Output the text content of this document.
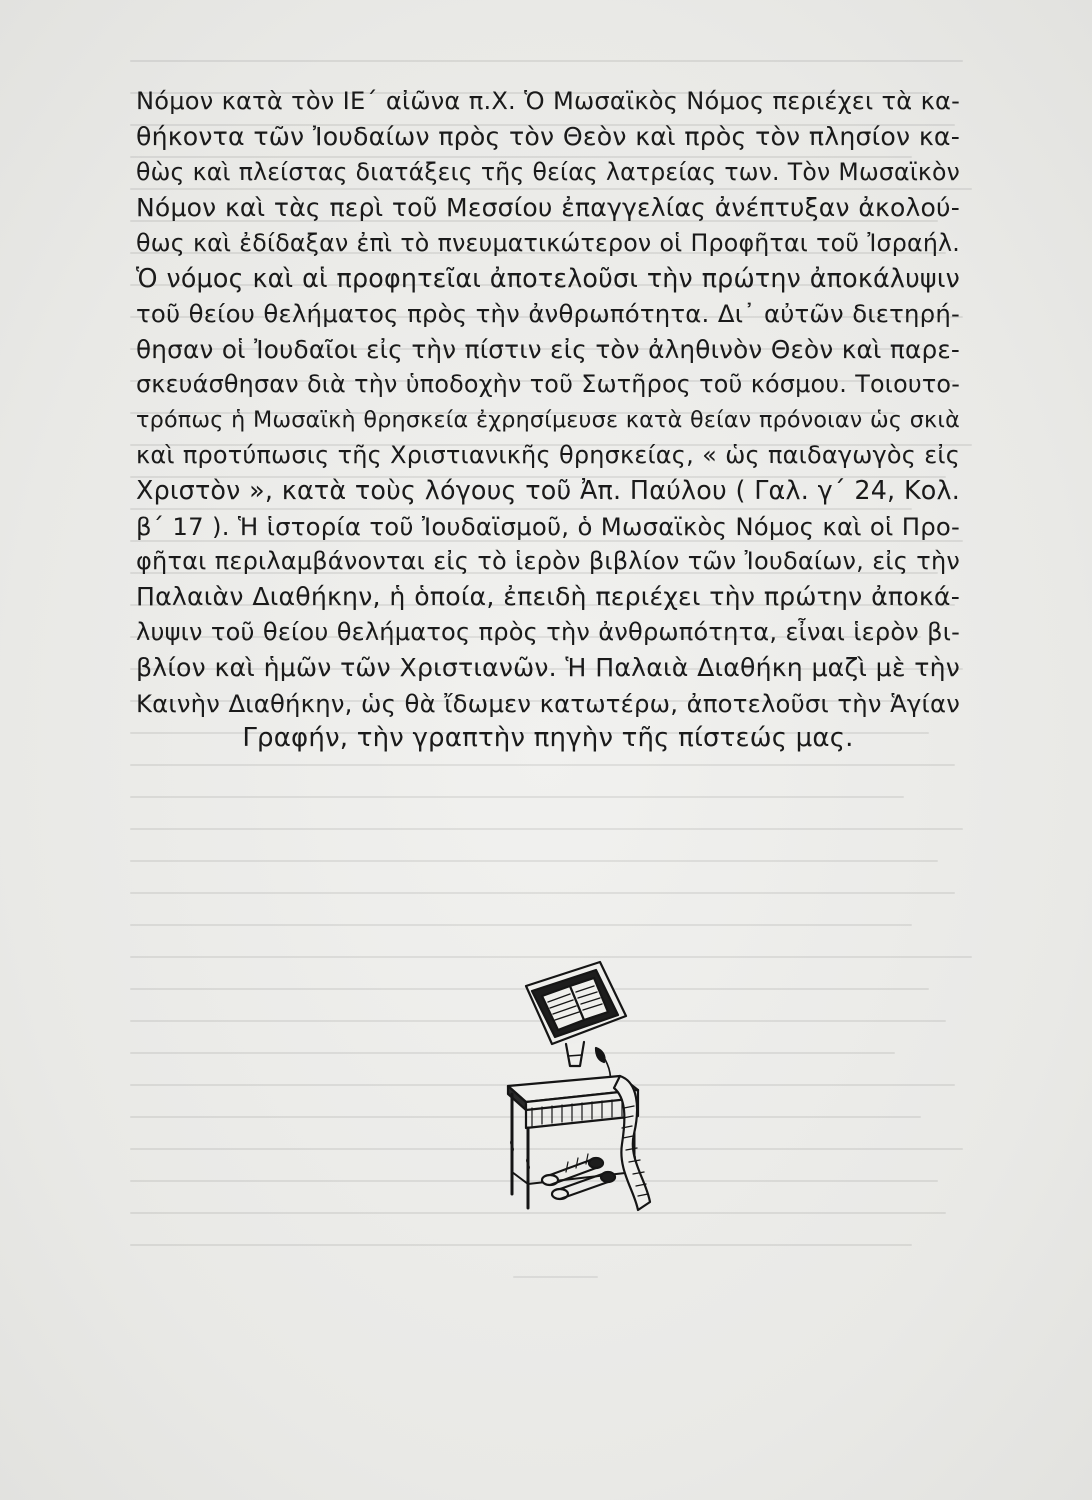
Νόμον κατὰ τὸν ΙΕ΄ αἰῶνα π.Χ. Ὁ Μωσαϊκὸς Νόμος περιέχει τὰ κα-
θήκοντα τῶν Ἰουδαίων πρὸς τὸν Θεὸν καὶ πρὸς τὸν πλησίον κα-
θὼς καὶ πλείστας διατάξεις τῆς θείας λατρείας των. Τὸν Μωσαϊκὸν
Νόμον καὶ τὰς περὶ τοῦ Μεσσίου ἐπαγγελίας ἀνέπτυξαν ἀκολού-
θως καὶ ἐδίδαξαν ἐπὶ τὸ πνευματικώτερον οἱ Προφῆται τοῦ Ἰσραήλ.
Ὁ νόμος καὶ αἱ προφητεῖαι ἀποτελοῦσι τὴν πρώτην ἀποκάλυψιν
τοῦ θείου θελήματος πρὸς τὴν ἀνθρωπότητα. Δι᾽ αὐτῶν διετηρή-
θησαν οἱ Ἰουδαῖοι εἰς τὴν πίστιν εἰς τὸν ἀληθινὸν Θεὸν καὶ παρε-
σκευάσθησαν διὰ τὴν ὑποδοχὴν τοῦ Σωτῆρος τοῦ κόσμου. Τοιουτο-
τρόπως ἡ Μωσαϊκὴ θρησκεία ἐχρησίμευσε κατὰ θείαν πρόνοιαν ὡς σκιὰ
καὶ προτύπωσις τῆς Χριστιανικῆς θρησκείας, « ὡς παιδαγωγὸς εἰς
Χριστὸν », κατὰ τοὺς λόγους τοῦ Ἀπ. Παύλου ( Γαλ. γ΄ 24, Κολ.
β΄ 17 ). Ἡ ἱστορία τοῦ Ἰουδαϊσμοῦ, ὁ Μωσαϊκὸς Νόμος καὶ οἱ Προ-
φῆται περιλαμβάνονται εἰς τὸ ἱερὸν βιβλίον τῶν Ἰουδαίων, εἰς τὴν
Παλαιὰν Διαθήκην, ἡ ὁποία, ἐπειδὴ περιέχει τὴν πρώτην ἀποκά-
λυψιν τοῦ θείου θελήματος πρὸς τὴν ἀνθρωπότητα, εἶναι ἱερὸν βι-
βλίον καὶ ἡμῶν τῶν Χριστιανῶν. Ἡ Παλαιὰ Διαθήκη μαζὶ μὲ τὴν
Καινὴν Διαθήκην, ὡς θὰ ἴδωμεν κατωτέρω, ἀποτελοῦσι τὴν Ἁγίαν
Γραφήν, τὴν γραπτὴν πηγὴν τῆς πίστεώς μας.
